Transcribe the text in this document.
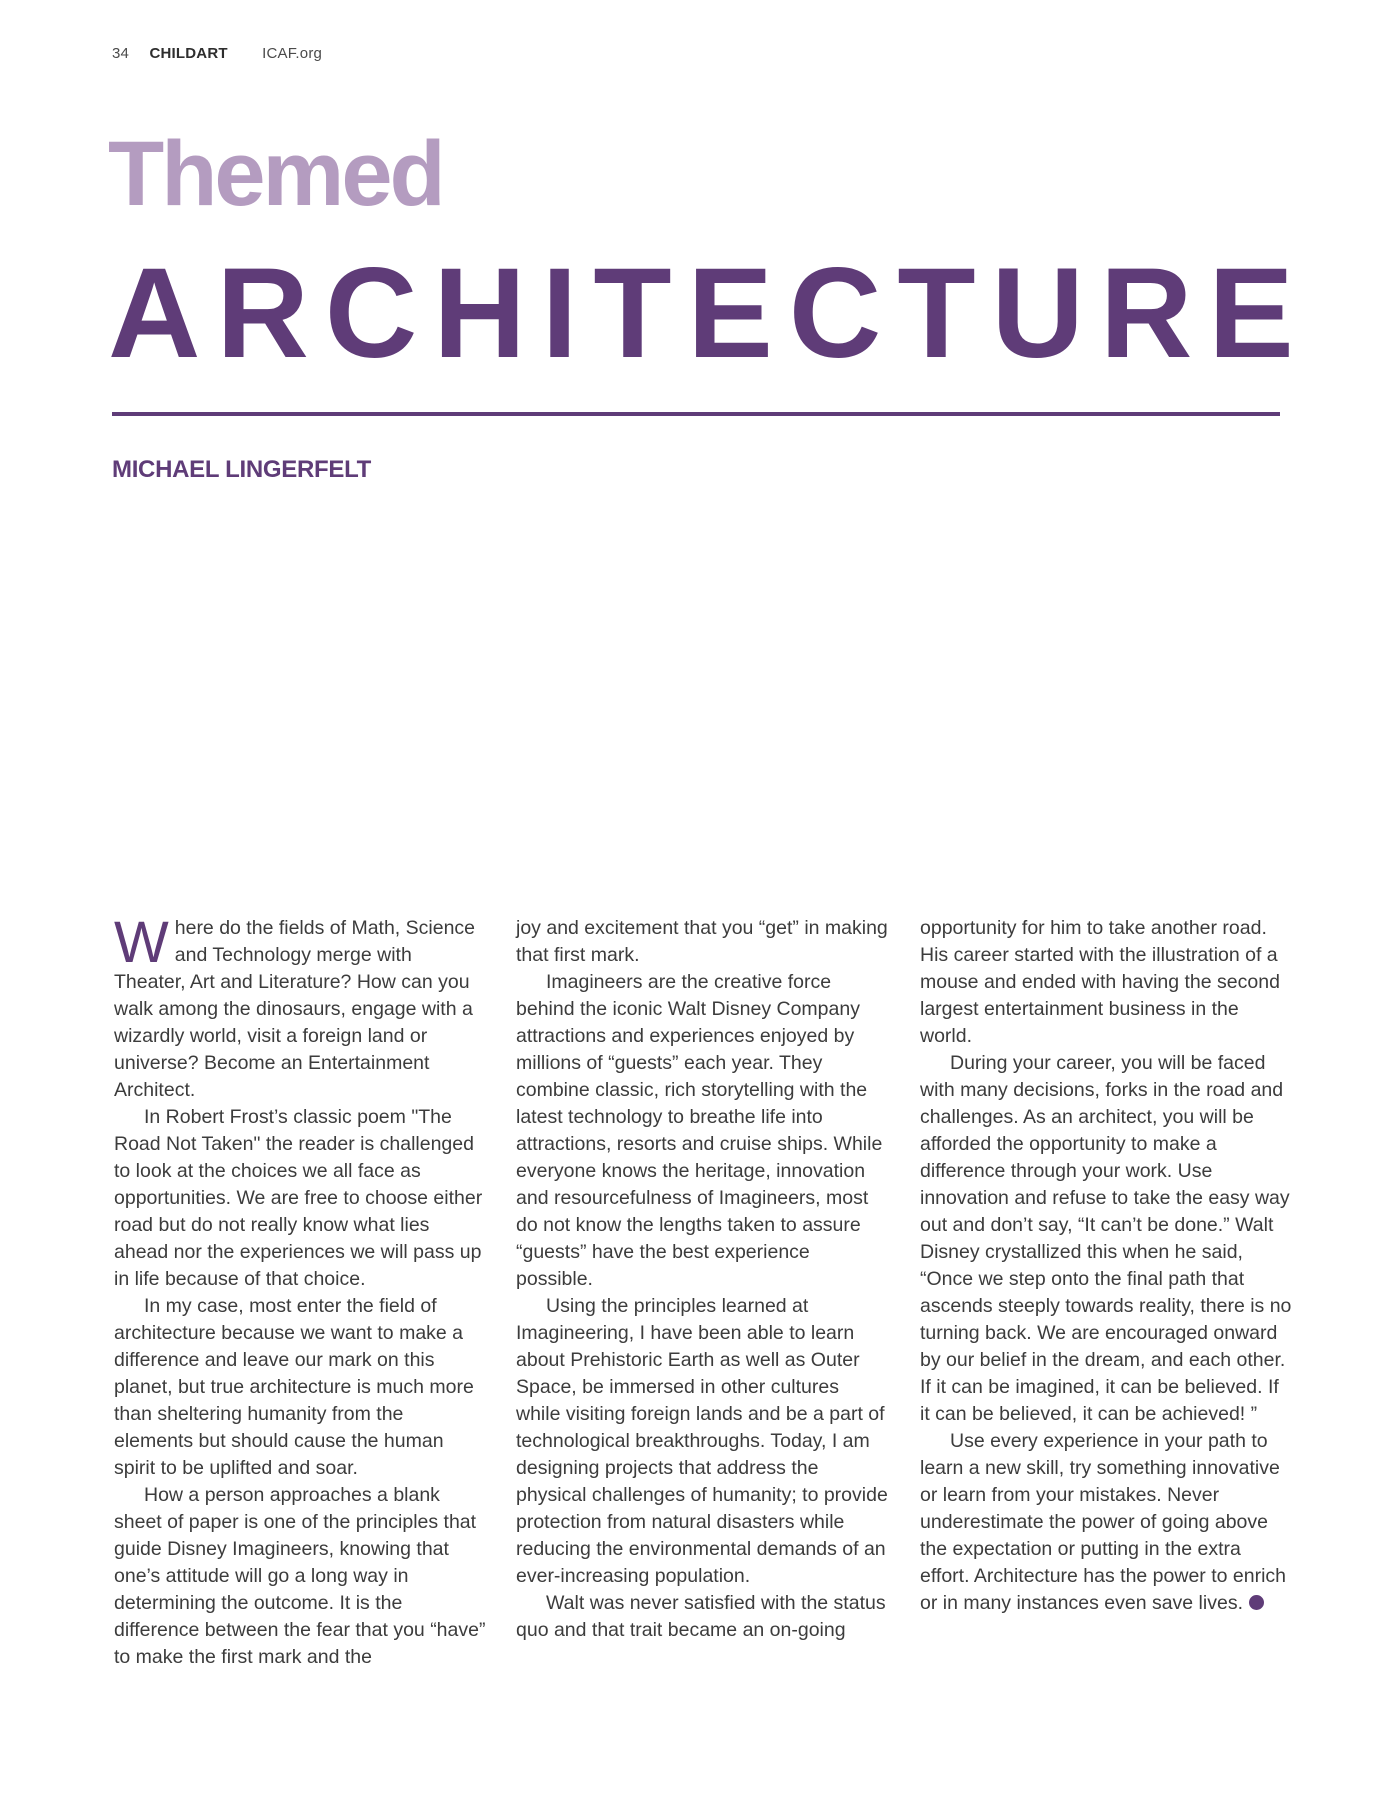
34 CHILDART ICAF.org
Themed
ARCHITECTURE
MICHAEL LINGERFELT

Where do the fields of Math, Science and Technology merge with Theater, Art and Literature? How can you walk among the dinosaurs, engage with a wizardly world, visit a foreign land or universe? Become an Entertainment Architect.

In Robert Frost’s classic poem "The Road Not Taken" the reader is challenged to look at the choices we all face as opportunities. We are free to choose either road but do not really know what lies ahead nor the experiences we will pass up in life because of that choice.

In my case, most enter the field of architecture because we want to make a difference and leave our mark on this planet, but true architecture is much more than sheltering humanity from the elements but should cause the human spirit to be uplifted and soar.

How a person approaches a blank sheet of paper is one of the principles that guide Disney Imagineers, knowing that one’s attitude will go a long way in determining the outcome. It is the difference between the fear that you “have” to make the first mark and the

joy and excitement that you “get” in making that first mark.

Imagineers are the creative force behind the iconic Walt Disney Company attractions and experiences enjoyed by millions of “guests” each year. They combine classic, rich storytelling with the latest technology to breathe life into attractions, resorts and cruise ships. While everyone knows the heritage, innovation and resourcefulness of Imagineers, most do not know the lengths taken to assure “guests” have the best experience possible.

Using the principles learned at Imagineering, I have been able to learn about Prehistoric Earth as well as Outer Space, be immersed in other cultures while visiting foreign lands and be a part of technological breakthroughs. Today, I am designing projects that address the physical challenges of humanity; to provide protection from natural disasters while reducing the environmental demands of an ever-increasing population.

Walt was never satisfied with the status quo and that trait became an on-going

opportunity for him to take another road. His career started with the illustration of a mouse and ended with having the second largest entertainment business in the world.

During your career, you will be faced with many decisions, forks in the road and challenges. As an architect, you will be afforded the opportunity to make a difference through your work. Use innovation and refuse to take the easy way out and don’t say, “It can’t be done.” Walt Disney crystallized this when he said, “Once we step onto the final path that ascends steeply towards reality, there is no turning back. We are encouraged onward by our belief in the dream, and each other. If it can be imagined, it can be believed. If it can be believed, it can be achieved! ”

Use every experience in your path to learn a new skill, try something innovative or learn from your mistakes. Never underestimate the power of going above the expectation or putting in the extra effort. Architecture has the power to enrich or in many instances even save lives.
